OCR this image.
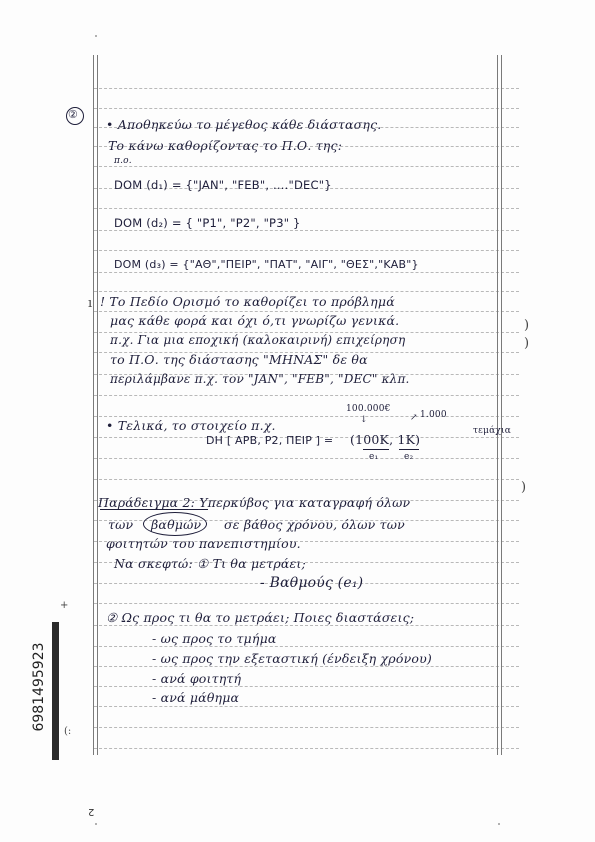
②
• Αποθηκεύω το μέγεθος κάθε διάστασης.
Το κάνω καθορίζοντας το Π.Ο. της:
π.ο.
DOM (d₁) = {"JAN", "FEB", ...."DEC"}
DOM (d₂) = { "P1", "P2", "P3" }
DOM (d₃) = {"ΑΘ","ΠΕΙΡ", "ΠΑΤ", "ΑΙΓ", "ΘΕΣ","ΚΑΒ"}
! Το Πεδίο Ορισμό το καθορίζει το πρόβλημά
μας κάθε φορά και όχι ό,τι γνωρίζω γενικά.
π.χ. Για μια εποχική (καλοκαιρινή) επιχείρηση
το Π.Ο. της διάστασης "ΜΗΝΑΣ" δε θα
περιλάμβανε π.χ. τον "JAN", "FEB", "DEC" κλπ.
ı
)
)
• Τελικά, το στοιχείο π.χ.
100.000€
↓	↗ 1.000
τεμάχια
DH [ APB, P2, ΠΕΙΡ ] = (100K, 1K)
e₁	e₂
)
Παράδειγμα 2: Υπερκύβος για καταγραφή όλων
των βαθμών σε βάθος χρόνου, όλων των
φοιτητών του πανεπιστημίου.
Να σκεφτώ: ① Τι θα μετράει;
- Βαθμούς (e₁)
② Ως προς τι θα το μετράει; Ποιες διαστάσεις;
- ως προς το τμήμα
- ως προς την εξεταστική (ένδειξη χρόνου)
- ανά φοιτητή
- ανά μάθημα
6981495923
+
(:
2
